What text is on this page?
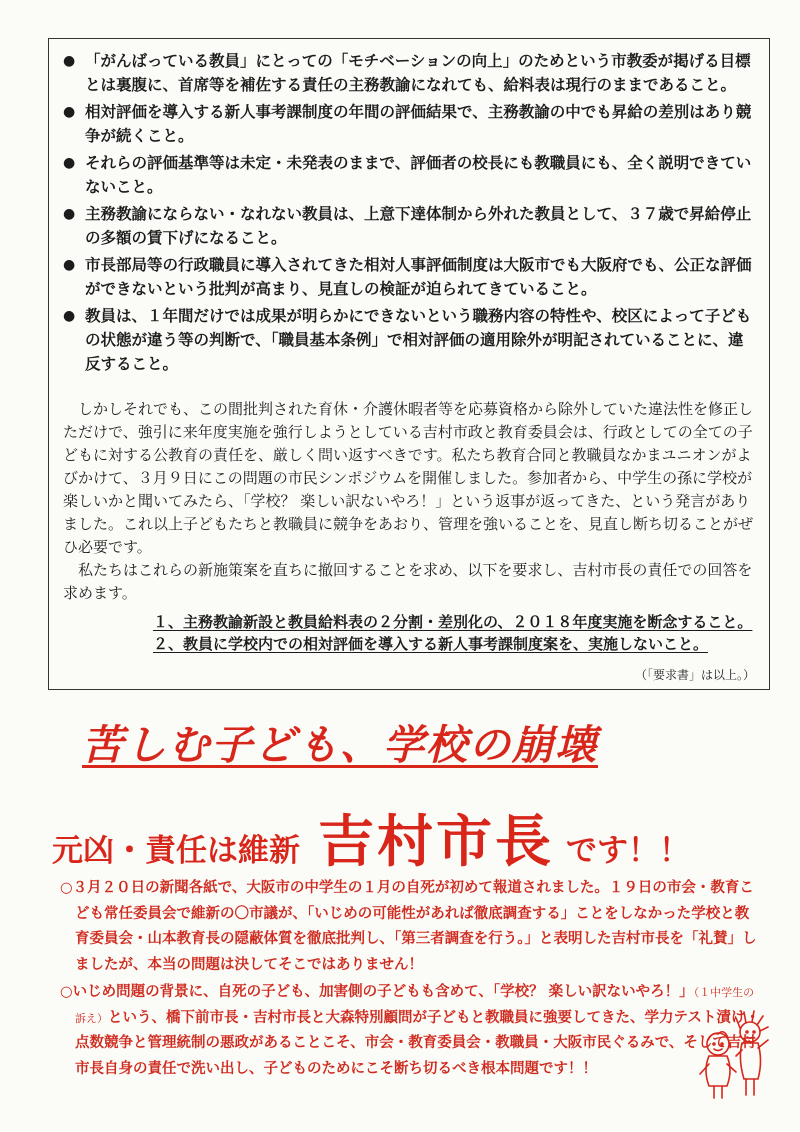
● 「がんばっている教員」にとっての「モチベーションの向上」のためという市教委が掲げる目標とは裏腹に、首席等を補佐する責任の主務教諭になれても、給料表は現行のままであること。
● 相対評価を導入する新人事考課制度の年間の評価結果で、主務教諭の中でも昇給の差別はあり競争が続くこと。
● それらの評価基準等は未定・未発表のままで、評価者の校長にも教職員にも、全く説明できていないこと。
● 主務教諭にならない・なれない教員は、上意下達体制から外れた教員として、３７歳で昇給停止の多額の賃下げになること。
● 市長部局等の行政職員に導入されてきた相対人事評価制度は大阪市でも大阪府でも、公正な評価ができないという批判が高まり、見直しの検証が迫られてきていること。
● 教員は、１年間だけでは成果が明らかにできないという職務内容の特性や、校区によって子どもの状態が違う等の判断で、「職員基本条例」で相対評価の適用除外が明記されていることに、違反すること。

しかしそれでも、この間批判された育休・介護休暇者等を応募資格から除外していた違法性を修正しただけで、強引に来年度実施を強行しようとしている吉村市政と教育委員会は、行政としての全ての子どもに対する公教育の責任を、厳しく問い返すべきです。私たち教育合同と教職員なかまユニオンがよびかけて、３月９日にこの問題の市民シンポジウムを開催しました。参加者から、中学生の孫に学校が楽しいかと聞いてみたら、「学校？ 楽しい訳ないやろ！」という返事が返ってきた、という発言がありました。これ以上子どもたちと教職員に競争をあおり、管理を強いることを、見直し断ち切ることがぜひ必要です。

私たちはこれらの新施策案を直ちに撤回することを求め、以下を要求し、吉村市長の責任での回答を求めます。

１、主務教諭新設と教員給料表の２分割・差別化の、２０１８年度実施を断念すること。
２、教員に学校内での相対評価を導入する新人事考課制度案を、実施しないこと。
（「要求書」は以上。）
苦しむ子ども、学校の崩壊
元凶・責任は維新 吉村市長 です！！

○３月２０日の新聞各紙で、大阪市の中学生の１月の自死が初めて報道されました。１９日の市会・教育こども常任委員会で維新の〇市議が、「いじめの可能性があれば徹底調査する」ことをしなかった学校と教育委員会・山本教育長の隠蔽体質を徹底批判し、「第三者調査を行う。」と表明した吉村市長を「礼賛」しましたが、本当の問題は決してそこではありません！

○いじめ問題の背景に、自死の子ども、加害側の子どもも含めて、「学校？ 楽しい訳ないやろ！」（１中学生の訴え）という、橋下前市長・吉村市長と大森特別顧問が子どもと教職員に強要してきた、学力テスト漬け・点数競争と管理統制の悪政があることこそ、市会・教育委員会・教職員・大阪市民ぐるみで、そして吉村市長自身の責任で洗い出し、子どものためにこそ断ち切るべき根本問題です！！
